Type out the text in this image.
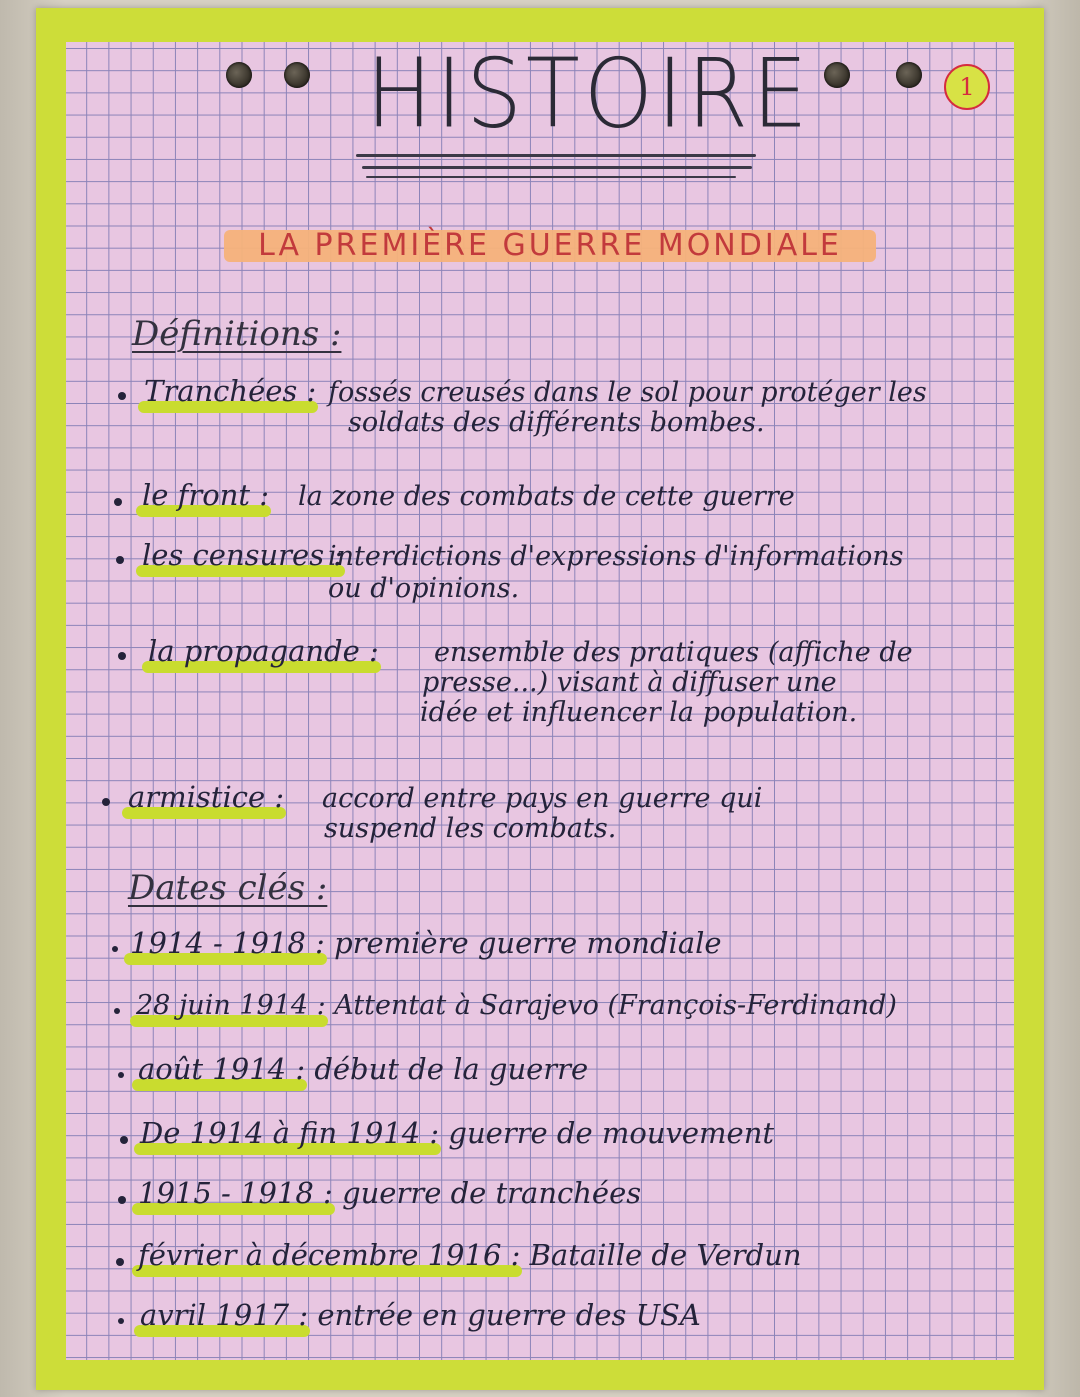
HISTOIRE	1
LA PREMIÈRE GUERRE MONDIALE
Définitions :
Tranchées : fossés creusés dans le sol pour protéger les
soldats des différents bombes.
le front : la zone des combats de cette guerre
les censures :
interdictions d'expressions d'informations
ou d'opinions.
la propagande : ensemble des pratiques (affiche de
presse...) visant à diffuser une
idée et influencer la population.
armistice : accord entre pays en guerre qui
suspend les combats.
Dates clés :
1914 - 1918 : première guerre mondiale
28 juin 1914 : Attentat à Sarajevo (François-Ferdinand)
août 1914 : début de la guerre
De 1914 à fin 1914 : guerre de mouvement
1915 - 1918 : guerre de tranchées
février à décembre 1916 : Bataille de Verdun
avril 1917 : entrée en guerre des USA
